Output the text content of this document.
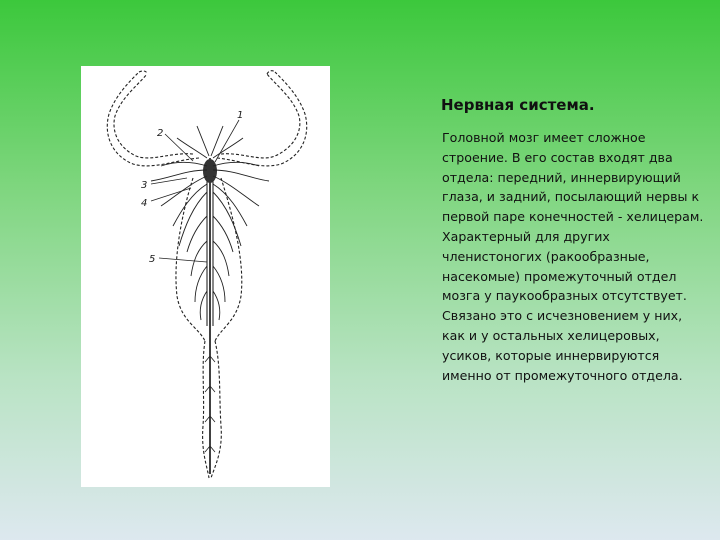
1
2
3
4
5
Нервная система.

Головной мозг имеет сложное строение. В его состав входят два отдела: передний, иннервирующий глаза, и задний, посылающий нервы к первой паре конечностей - хелицерам. Характерный для других членистоногих (ракообразные, насекомые) промежуточный отдел мозга у паукообразных отсутствует. Связано это с исчезновением у них, как и у остальных хелицеровых, усиков, которые иннервируются именно от промежуточного отдела.
